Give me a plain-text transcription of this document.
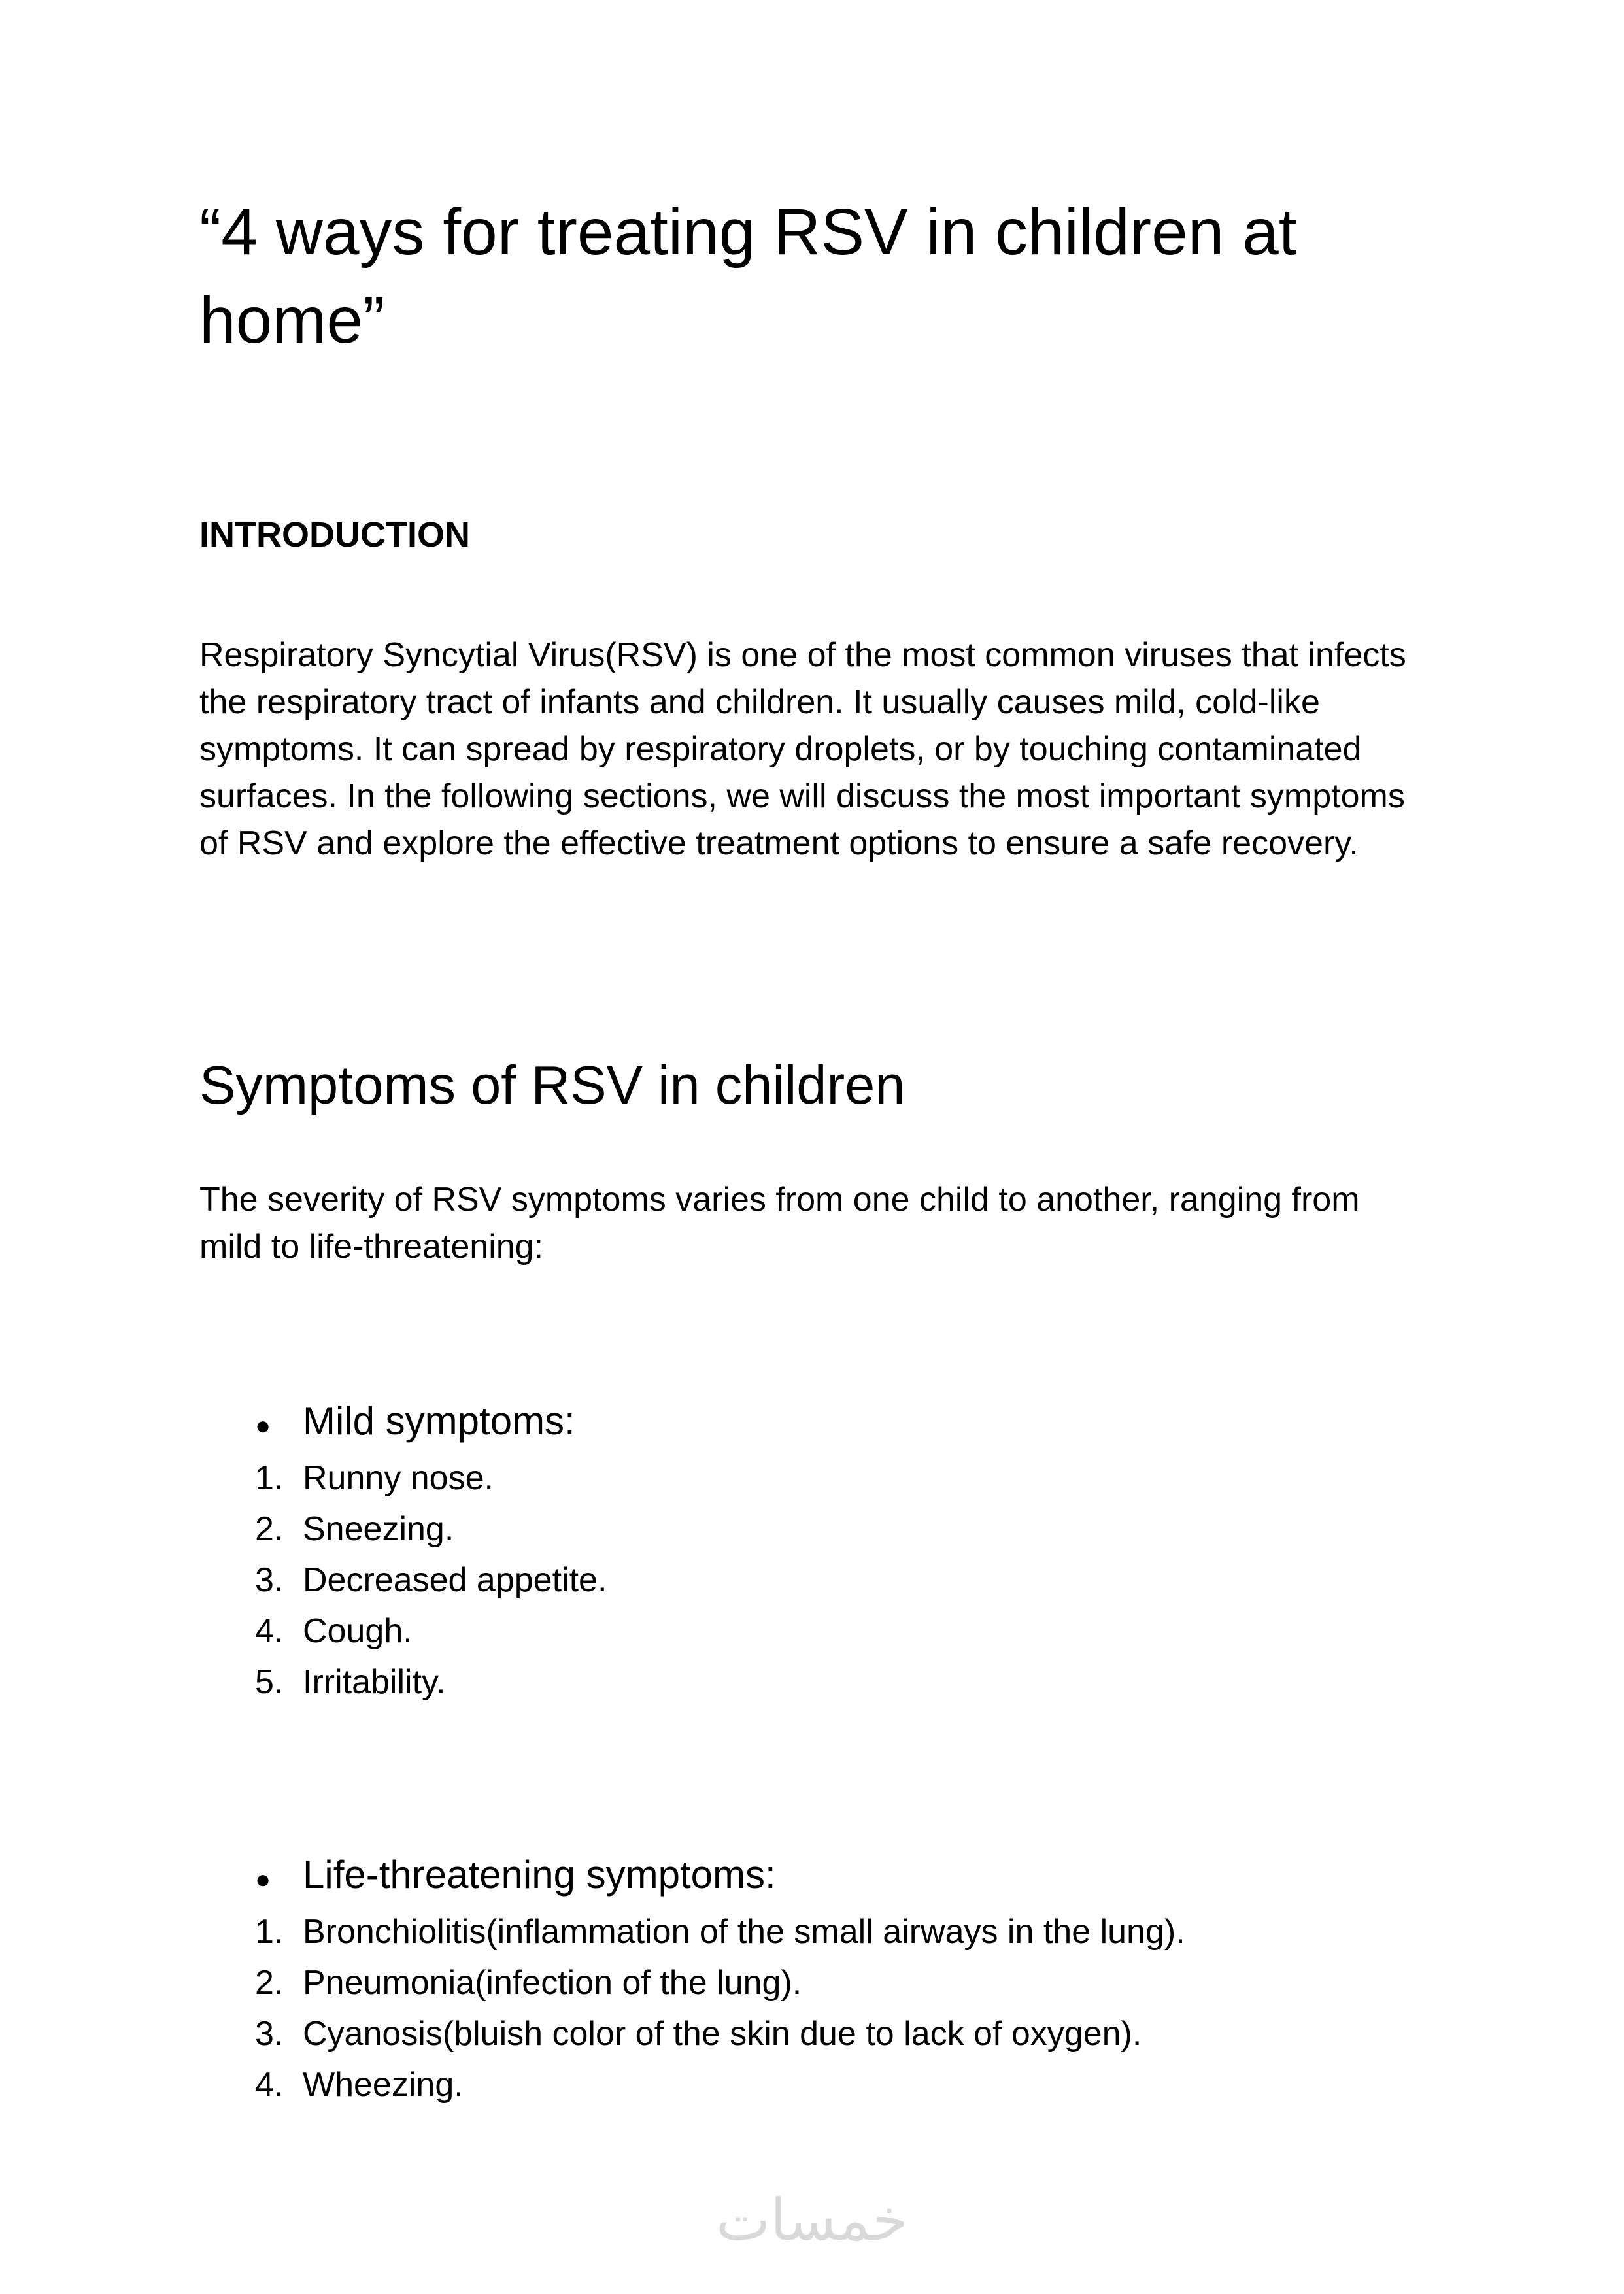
“4 ways for treating RSV in children at home”
INTRODUCTION

Respiratory Syncytial Virus(RSV) is one of the most common viruses that infects the respiratory tract of infants and children. It usually causes mild, cold-like symptoms. It can spread by respiratory droplets, or by touching contaminated surfaces. In the following sections, we will discuss the most important symptoms of RSV and explore the effective treatment options to ensure a safe recovery.

Symptoms of RSV in children

The severity of RSV symptoms varies from one child to another, ranging from mild to life-threatening:

● Mild symptoms:
1. Runny nose.
2. Sneezing.
3. Decreased appetite.
4. Cough.
5. Irritability.
● Life-threatening symptoms:
1. Bronchiolitis(inflammation of the small airways in the lung).
2. Pneumonia(infection of the lung).
3. Cyanosis(bluish color of the skin due to lack of oxygen).
4. Wheezing.
خمسات
